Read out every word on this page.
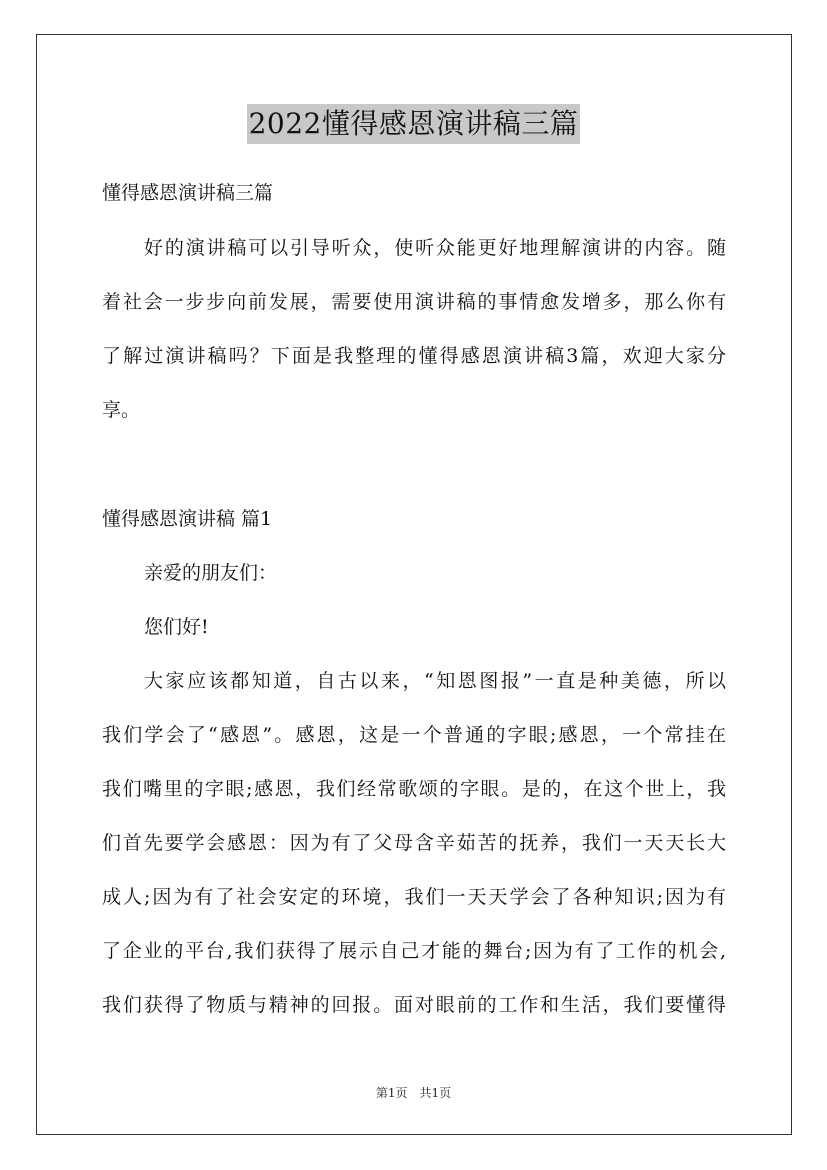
2022懂得感恩演讲稿三篇
懂得感恩演讲稿三篇
好的演讲稿可以引导听众，使听众能更好地理解演讲的内容。随
着社会一步步向前发展，需要使用演讲稿的事情愈发增多，那么你有
了解过演讲稿吗？下面是我整理的懂得感恩演讲稿3篇，欢迎大家分
享。
懂得感恩演讲稿 篇1
亲爱的朋友们：
您们好!
大家应该都知道，自古以来，“知恩图报”一直是种美德，所以
我们学会了“感恩”。感恩，这是一个普通的字眼;感恩，一个常挂在
我们嘴里的字眼;感恩，我们经常歌颂的字眼。是的，在这个世上，我
们首先要学会感恩：因为有了父母含辛茹苦的抚养，我们一天天长大
成人;因为有了社会安定的环境，我们一天天学会了各种知识;因为有
了企业的平台,我们获得了展示自己才能的舞台;因为有了工作的机会,
我们获得了物质与精神的回报。面对眼前的工作和生活，我们要懂得
第1页　共1页
